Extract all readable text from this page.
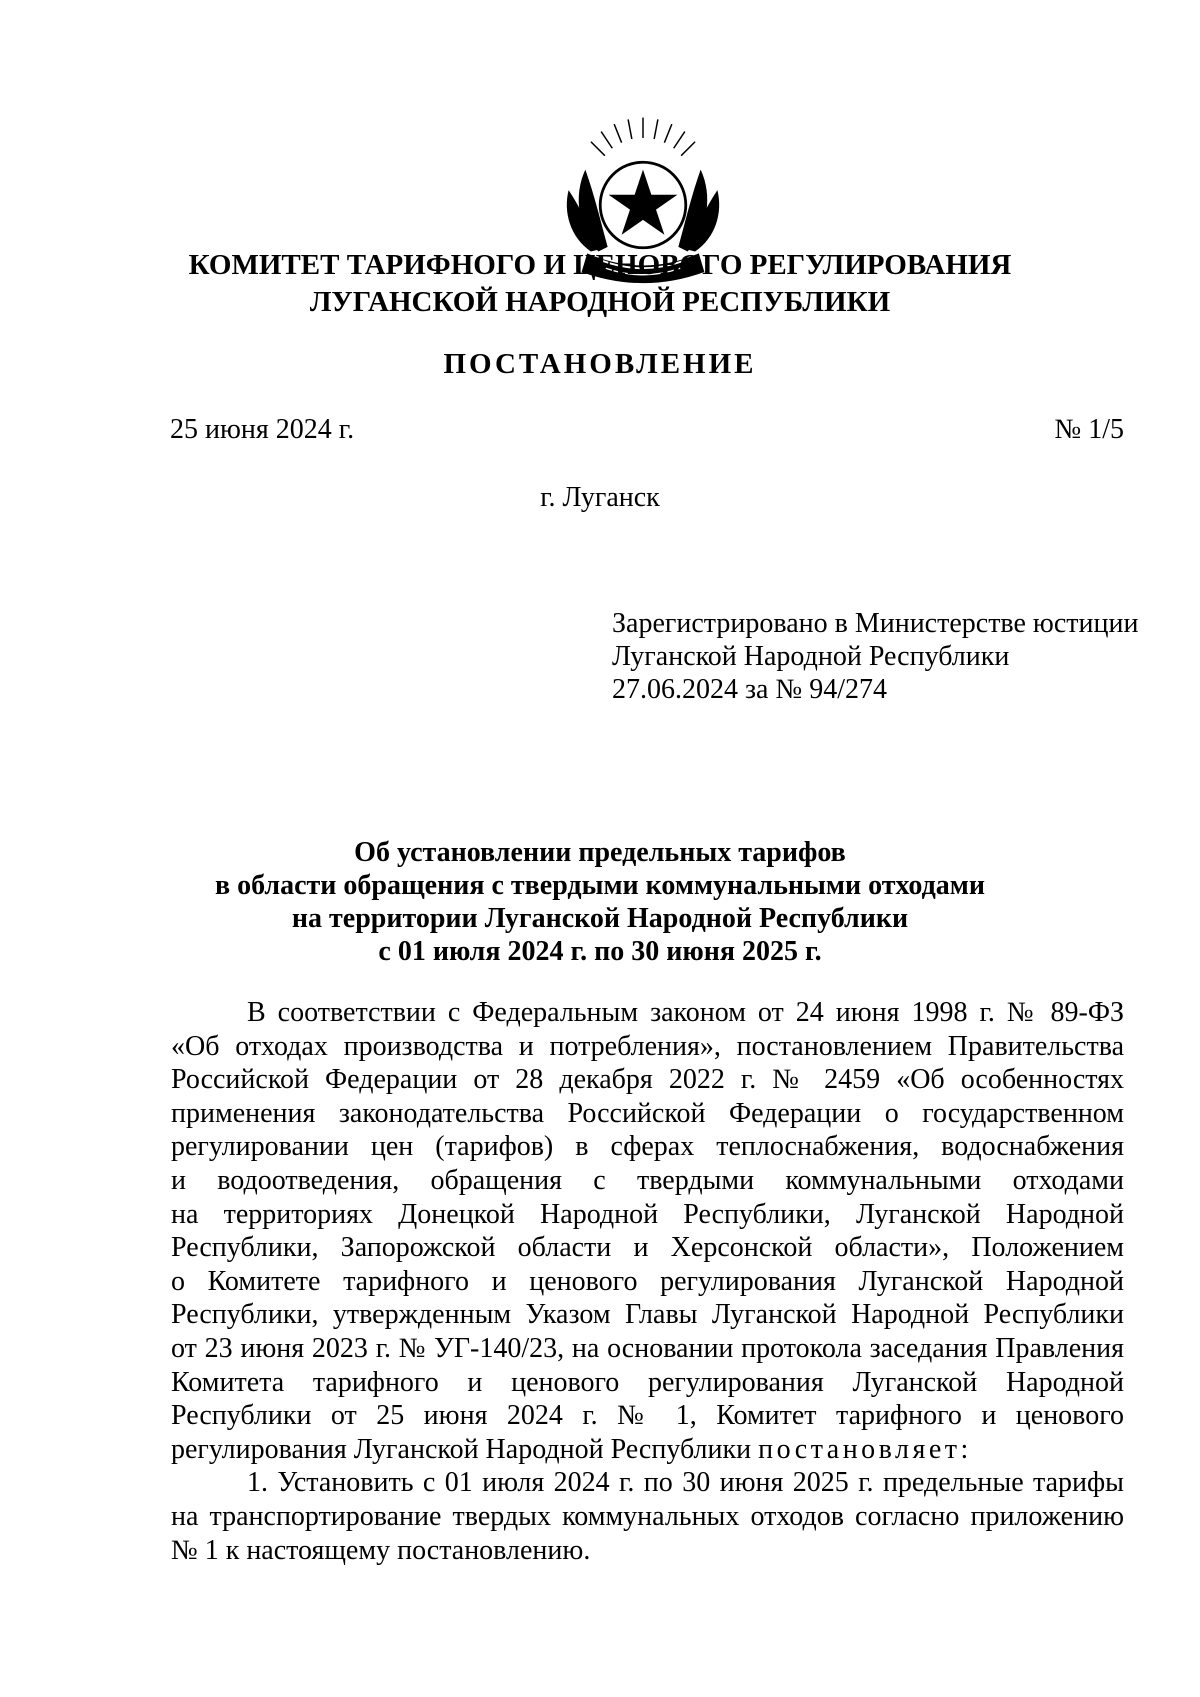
КОМИТЕТ ТАРИФНОГО И ЦЕНОВОГО РЕГУЛИРОВАНИЯ
ЛУГАНСКОЙ НАРОДНОЙ РЕСПУБЛИКИ
ПОСТАНОВЛЕНИЕ
25 июня 2024 г.	№ 1/5
г. Луганск
Зарегистрировано в Министерстве юстиции
Луганской Народной Республики
27.06.2024 за № 94/274
Об установлении предельных тарифов
в области обращения с твердыми коммунальными отходами
на территории Луганской Народной Республики
с 01 июля 2024 г. по 30 июня 2025 г.
В соответствии с Федеральным законом от 24 июня 1998 г. № 89-ФЗ
«Об отходах производства и потребления», постановлением Правительства
Российской Федерации от 28 декабря 2022 г. № 2459 «Об особенностях
применения законодательства Российской Федерации о государственном
регулировании цен (тарифов) в сферах теплоснабжения, водоснабжения
и водоотведения, обращения с твердыми коммунальными отходами
на территориях Донецкой Народной Республики, Луганской Народной
Республики, Запорожской области и Херсонской области», Положением
о Комитете тарифного и ценового регулирования Луганской Народной
Республики, утвержденным Указом Главы Луганской Народной Республики
от 23 июня 2023 г. № УГ-140/23, на основании протокола заседания Правления
Комитета тарифного и ценового регулирования Луганской Народной
Республики от 25 июня 2024 г. № 1, Комитет тарифного и ценового
регулирования Луганской Народной Республики постановляет:
1. Установить с 01 июля 2024 г. по 30 июня 2025 г. предельные тарифы
на транспортирование твердых коммунальных отходов согласно приложению
№ 1 к настоящему постановлению.
